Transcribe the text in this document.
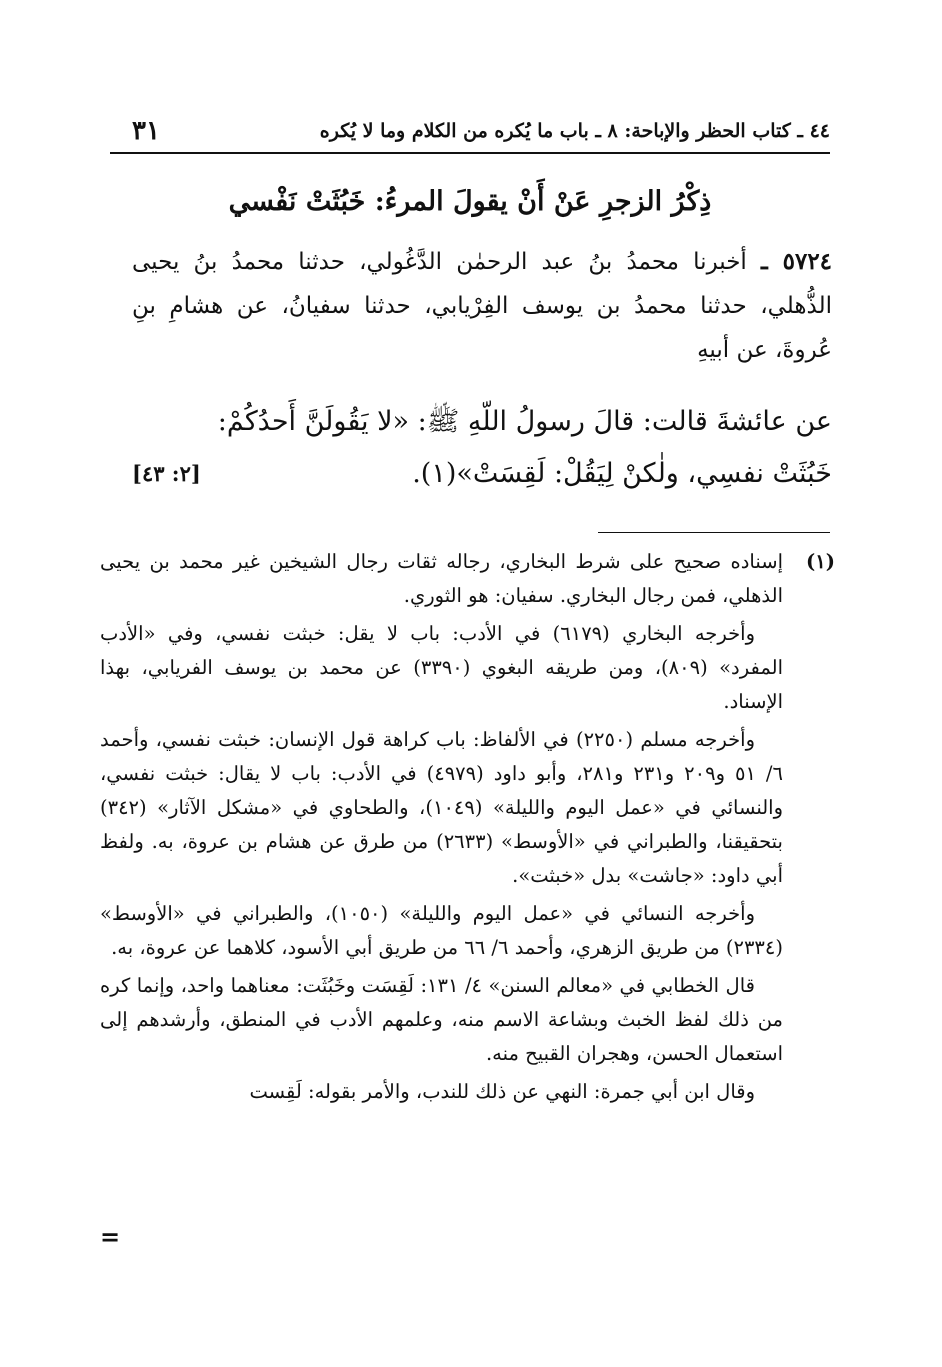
٤٤ ـ كتاب الحظر والإباحة: ٨ ـ باب ما يُكره من الكلام وما لا يُكره
٣١
ذِكْرُ الزجرِ عَنْ أَنْ يقولَ المرءُ: خَبُثَتْ نَفْسي
٥٧٢٤ ـ أخبرنا محمدُ بنُ عبد الرحمٰن الدَّغُولي، حدثنا محمدُ بنُ يحيى الذُّهلي، حدثنا محمدُ بن يوسف الفِرْيابي، حدثنا سفيانُ، عن هشامِ بنِ عُروةَ، عن أبيهِ
عن عائشةَ قالت: قالَ رسولُ اللّهِ ﷺ: «لا يَقُولَنَّ أَحدُكُمْ:
خَبُثَتْ نفسِي، ولٰكنْ لِيَقُلْ: لَقِسَتْ»(١).
[٢: ٤٣]
(١)

إسناده صحيح على شرط البخاري، رجاله ثقات رجال الشيخين غير محمد بن يحيى الذهلي، فمن رجال البخاري. سفيان: هو الثوري.

وأخرجه البخاري (٦١٧٩) في الأدب: باب لا يقل: خبثت نفسي، وفي «الأدب المفرد» (٨٠٩)، ومن طريقه البغوي (٣٣٩٠) عن محمد بن يوسف الفريابي، بهذا الإسناد.

وأخرجه مسلم (٢٢٥٠) في الألفاظ: باب كراهة قول الإنسان: خبثت نفسي، وأحمد ٦/ ٥١ و٢٠٩ و٢٣١ و٢٨١، وأبو داود (٤٩٧٩) في الأدب: باب لا يقال: خبثت نفسي، والنسائي في «عمل اليوم والليلة» (١٠٤٩)، والطحاوي في «مشكل الآثار» (٣٤٢) بتحقيقنا، والطبراني في «الأوسط» (٢٦٣٣) من طرق عن هشام بن عروة، به. ولفظ أبي داود: «جاشت» بدل «خبثت».

وأخرجه النسائي في «عمل اليوم والليلة» (١٠٥٠)، والطبراني في «الأوسط» (٢٣٣٤) من طريق الزهري، وأحمد ٦/ ٦٦ من طريق أبي الأسود، كلاهما عن عروة، به.

قال الخطابي في «معالم السنن» ٤/ ١٣١: لَقِسَت وخَبُثَت: معناهما واحد، وإنما كره من ذلك لفظ الخبث وبشاعة الاسم منه، وعلمهم الأدب في المنطق، وأرشدهم إلى استعمال الحسن، وهجران القبيح منه.

وقال ابن أبي جمرة: النهي عن ذلك للندب، والأمر بقوله: لَقِست

=
